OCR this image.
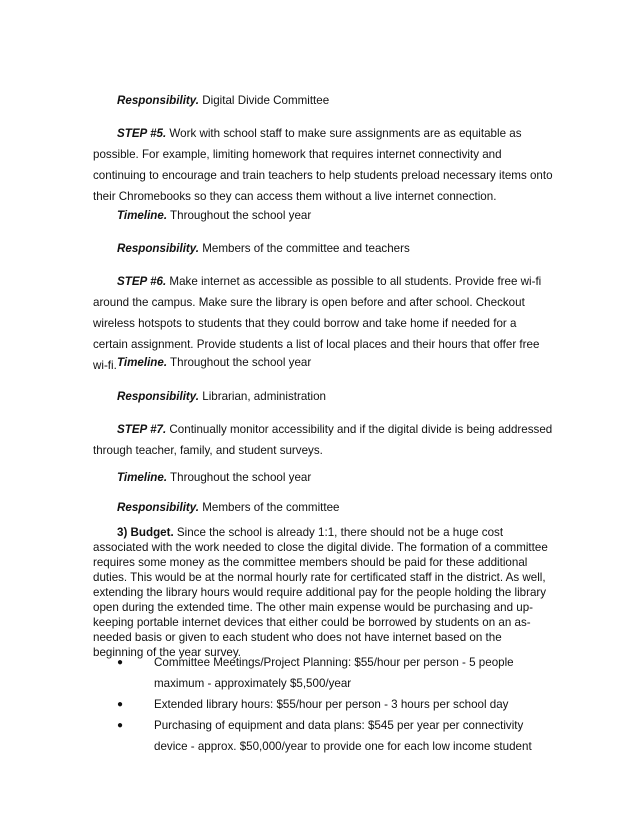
Responsibility. Digital Divide Committee

STEP #5. Work with school staff to make sure assignments are as equitable as possible. For example, limiting homework that requires internet connectivity and continuing to encourage and train teachers to help students preload necessary items onto their Chromebooks so they can access them without a live internet connection.

Timeline. Throughout the school year

Responsibility. Members of the committee and teachers

STEP #6. Make internet as accessible as possible to all students. Provide free wi-fi around the campus. Make sure the library is open before and after school. Checkout wireless hotspots to students that they could borrow and take home if needed for a certain assignment. Provide students a list of local places and their hours that offer free wi-fi. Timeline. Throughout the school year

Responsibility. Librarian, administration

STEP #7. Continually monitor accessibility and if the digital divide is being addressed through teacher, family, and student surveys.

Timeline. Throughout the school year

Responsibility. Members of the committee

3) Budget. Since the school is already 1:1, there should not be a huge cost associated with the work needed to close the digital divide. The formation of a committee requires some money as the committee members should be paid for these additional duties. This would be at the normal hourly rate for certificated staff in the district. As well, extending the library hours would require additional pay for the people holding the library open during the extended time. The other main expense would be purchasing and up-keeping portable internet devices that either could be borrowed by students on an as-needed basis or given to each student who does not have internet based on the beginning of the year survey.

●	Committee Meetings/Project Planning: $55/hour per person - 5 people maximum - approximately $5,500/year
●	Extended library hours: $55/hour per person - 3 hours per school day
●	Purchasing of equipment and data plans: $545 per year per connectivity device - approx. $50,000/year to provide one for each low income student
